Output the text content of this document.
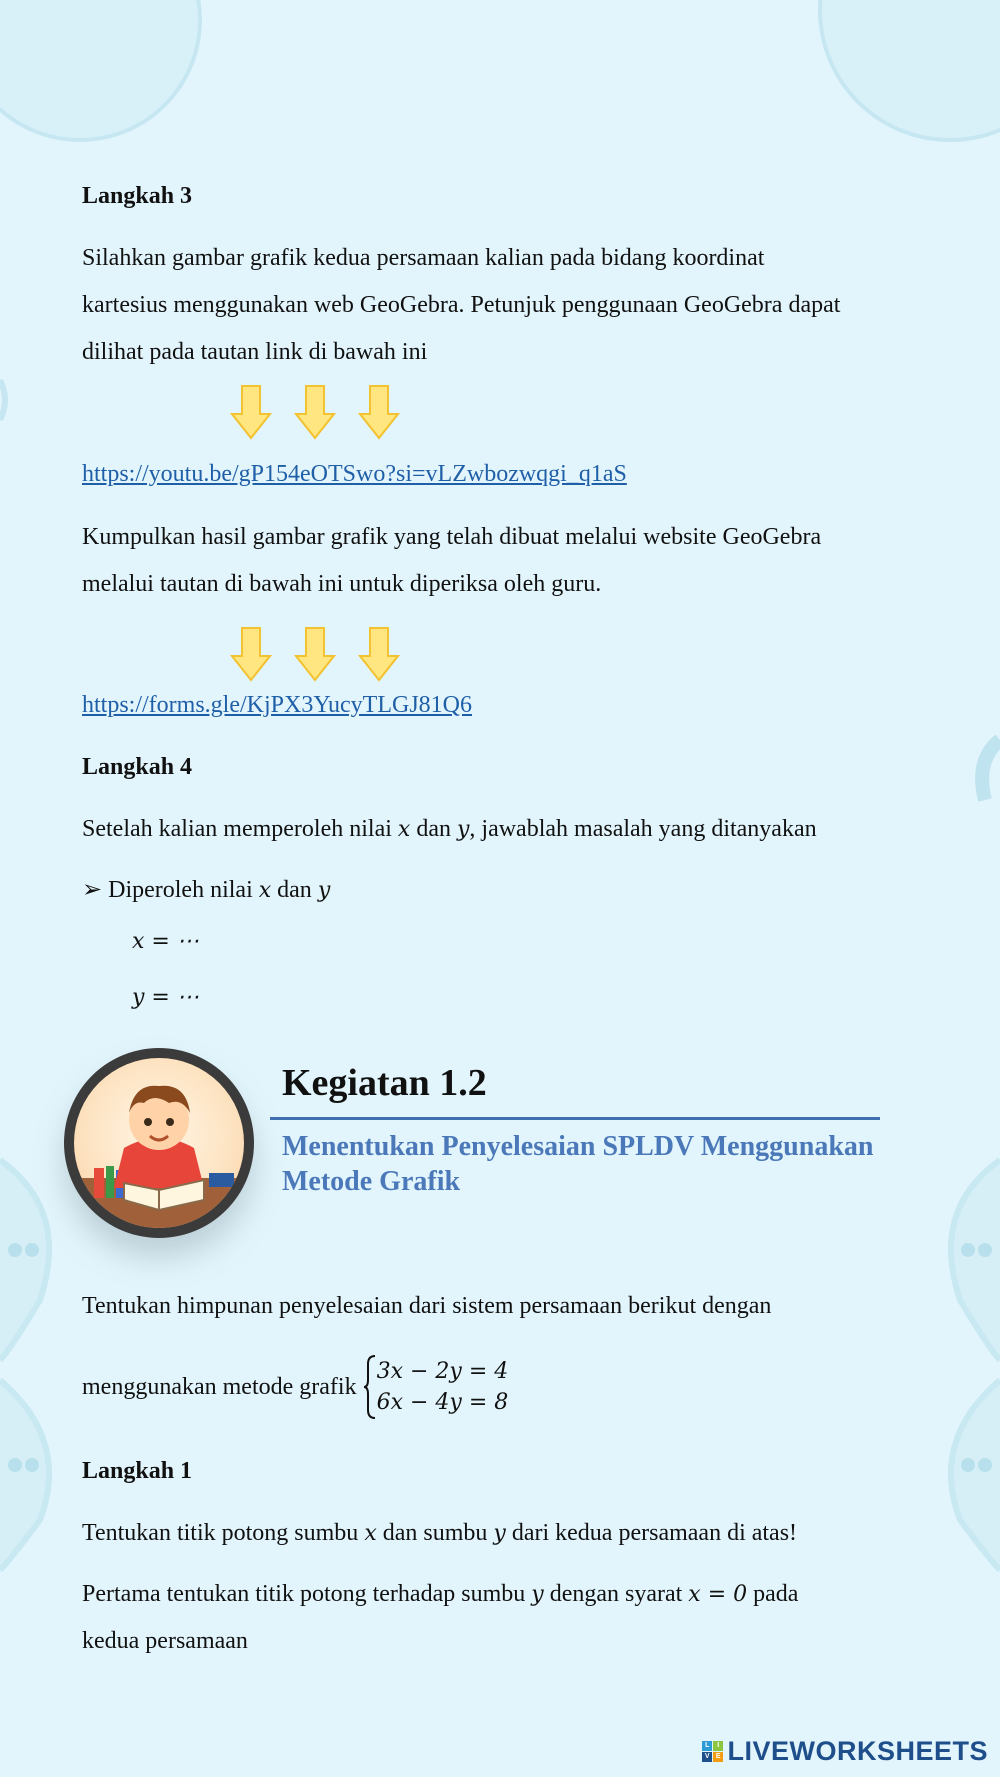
Langkah 3
Silahkan gambar grafik kedua persamaan kalian pada bidang koordinat
kartesius menggunakan web GeoGebra. Petunjuk penggunaan GeoGebra dapat
dilihat pada tautan link di bawah ini
https://youtu.be/gP154eOTSwo?si=vLZwbozwqgi_q1aS
Kumpulkan hasil gambar grafik yang telah dibuat melalui website GeoGebra
melalui tautan di bawah ini untuk diperiksa oleh guru.
https://forms.gle/KjPX3YucyTLGJ81Q6
Langkah 4
Setelah kalian memperoleh nilai x dan y, jawablah masalah yang ditanyakan
➢ Diperoleh nilai x dan y
x = ⋯
y = ⋯
Kegiatan 1.2
Menentukan Penyelesaian SPLDV Menggunakan
Metode Grafik
Tentukan himpunan penyelesaian dari sistem persamaan berikut dengan
menggunakan metode grafik
3x − 2y = 4
6x − 4y = 8
Langkah 1
Tentukan titik potong sumbu x dan sumbu y dari kedua persamaan di atas!
Pertama tentukan titik potong terhadap sumbu y dengan syarat x = 0 pada
kedua persamaan
L	I
V E LIVEWORKSHEETS
